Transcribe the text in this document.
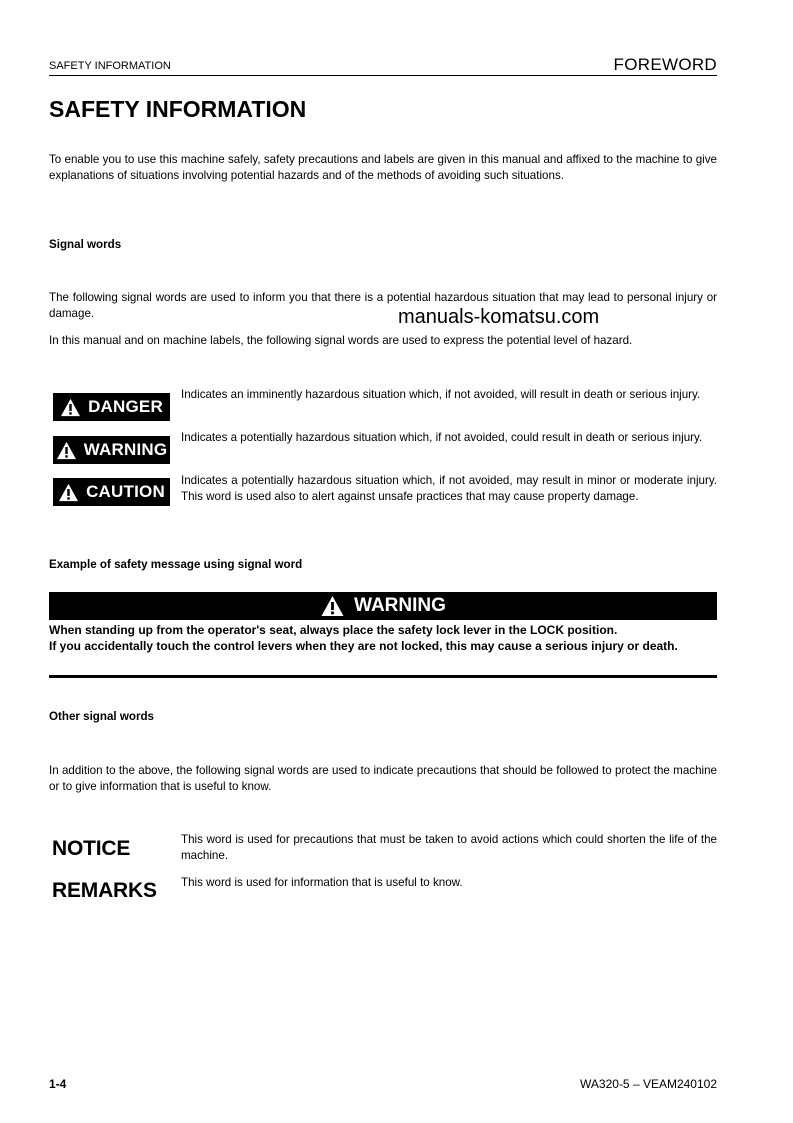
SAFETY INFORMATION	FOREWORD
SAFETY INFORMATION
To enable you to use this machine safely, safety precautions and labels are given in this manual and affixed to the machine to give explanations of situations involving potential hazards and of the methods of avoiding such situations.
Signal words
The following signal words are used to inform you that there is a potential hazardous situation that may lead to personal injury or damage.
In this manual and on machine labels, the following signal words are used to express the potential level of hazard.
manuals-komatsu.com
DANGER
Indicates an imminently hazardous situation which, if not avoided, will result in death or serious injury.
WARNING
Indicates a potentially hazardous situation which, if not avoided, could result in death or serious injury.
CAUTION
Indicates a potentially hazardous situation which, if not avoided, may result in minor or moderate injury. This word is used also to alert against unsafe practices that may cause property damage.
Example of safety message using signal word
WARNING
When standing up from the operator's seat, always place the safety lock lever in the LOCK position.
If you accidentally touch the control levers when they are not locked, this may cause a serious injury or death.
Other signal words
In addition to the above, the following signal words are used to indicate precautions that should be followed to protect the machine or to give information that is useful to know.
NOTICE	This word is used for precautions that must be taken to avoid actions which could shorten the life of the machine.
REMARKS This word is used for information that is useful to know.
1-4	WA320-5 – VEAM240102
